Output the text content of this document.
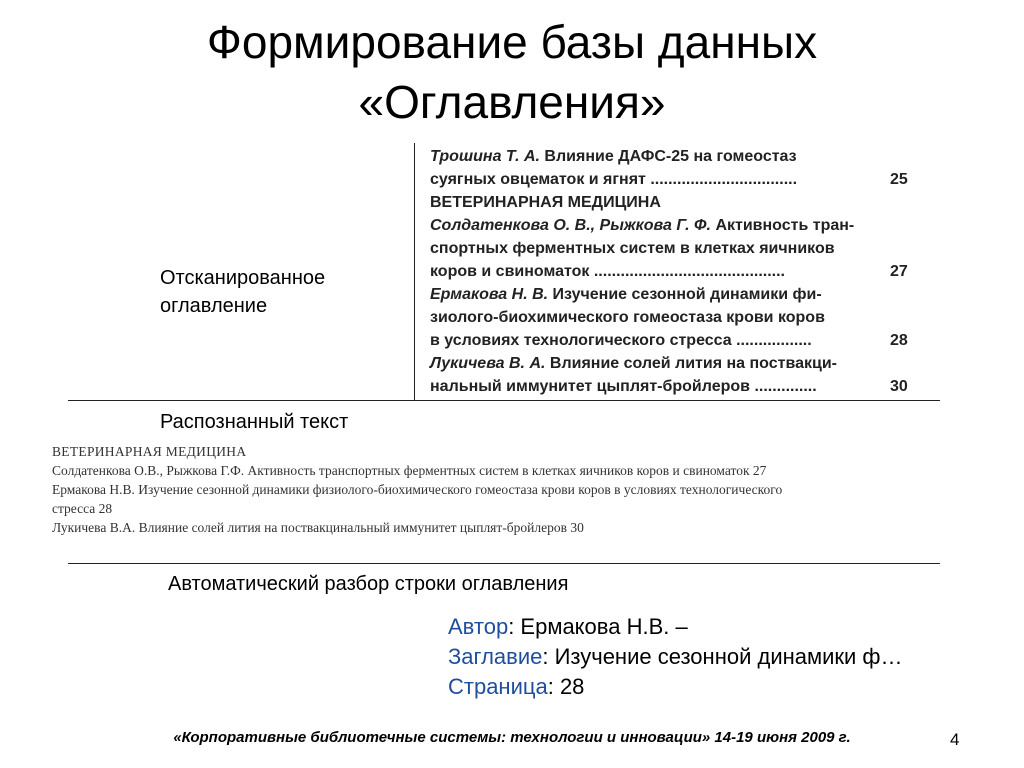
Формирование базы данных
«Оглавления»
Отсканированное
оглавление
Трошина Т. А. Влияние ДАФС-25 на гомеостаз
суягных овцематок и ягнят .................................	25
ВЕТЕРИНАРНАЯ МЕДИЦИНА
Солдатенкова О. В., Рыжкова Г. Ф. Активность тран-
спортных ферментных систем в клетках яичников
коров и свиноматок ...........................................	27
Ермакова Н. В. Изучение сезонной динамики фи-
зиолого-биохимического гомеостаза крови коров
в условиях технологического стресса .................	28
Лукичева В. А. Влияние солей лития на поствакци-
нальный иммунитет цыплят-бройлеров ..............	30
Распознанный текст
ВЕТЕРИНАРНАЯ МЕДИЦИНА
Солдатенкова О.В., Рыжкова Г.Ф. Активность транспортных ферментных систем в клетках яичников коров и свиноматок 27
Ермакова Н.В. Изучение сезонной динамики физиолого-биохимического гомеостаза крови коров в условиях технологического
стресса 28
Лукичева В.А. Влияние солей лития на поствакцинальный иммунитет цыплят-бройлеров 30
Автоматический разбор строки оглавления
Автор: Ермакова Н.В. –
Заглавие: Изучение сезонной динамики ф…
Страница: 28
«Корпоративные библиотечные системы: технологии и инновации» 14-19 июня 2009 г.	4
